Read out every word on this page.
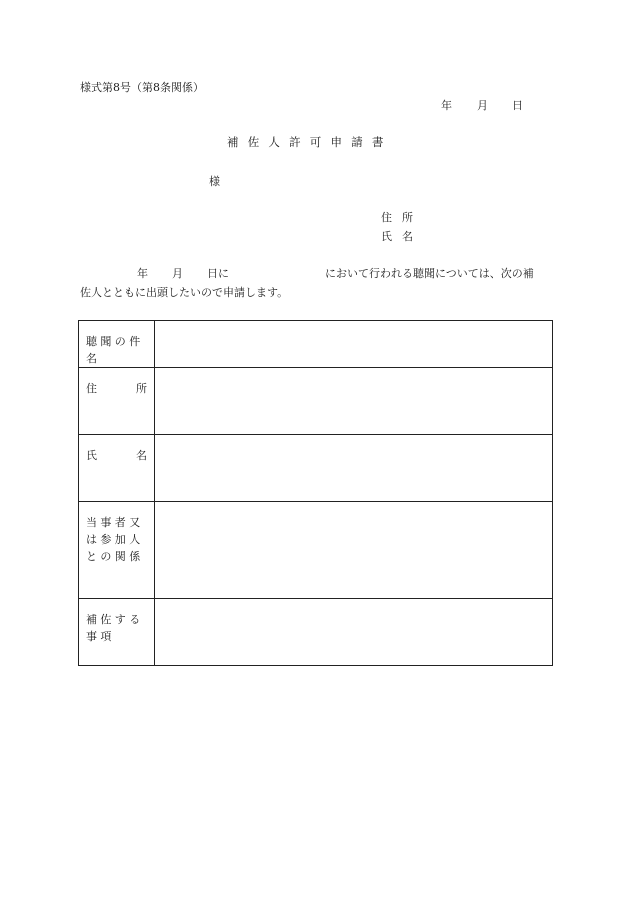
様式第8号（第8条関係）
年 月 日
補佐人許可申請書
様
住所
氏名
年 月 日に	において行われる聴聞については、次の補
佐人とともに出頭したいので申請します。
聴聞の件名	

住 所	

氏 名	

当事者又は参加人との関係	

補佐する事項	
